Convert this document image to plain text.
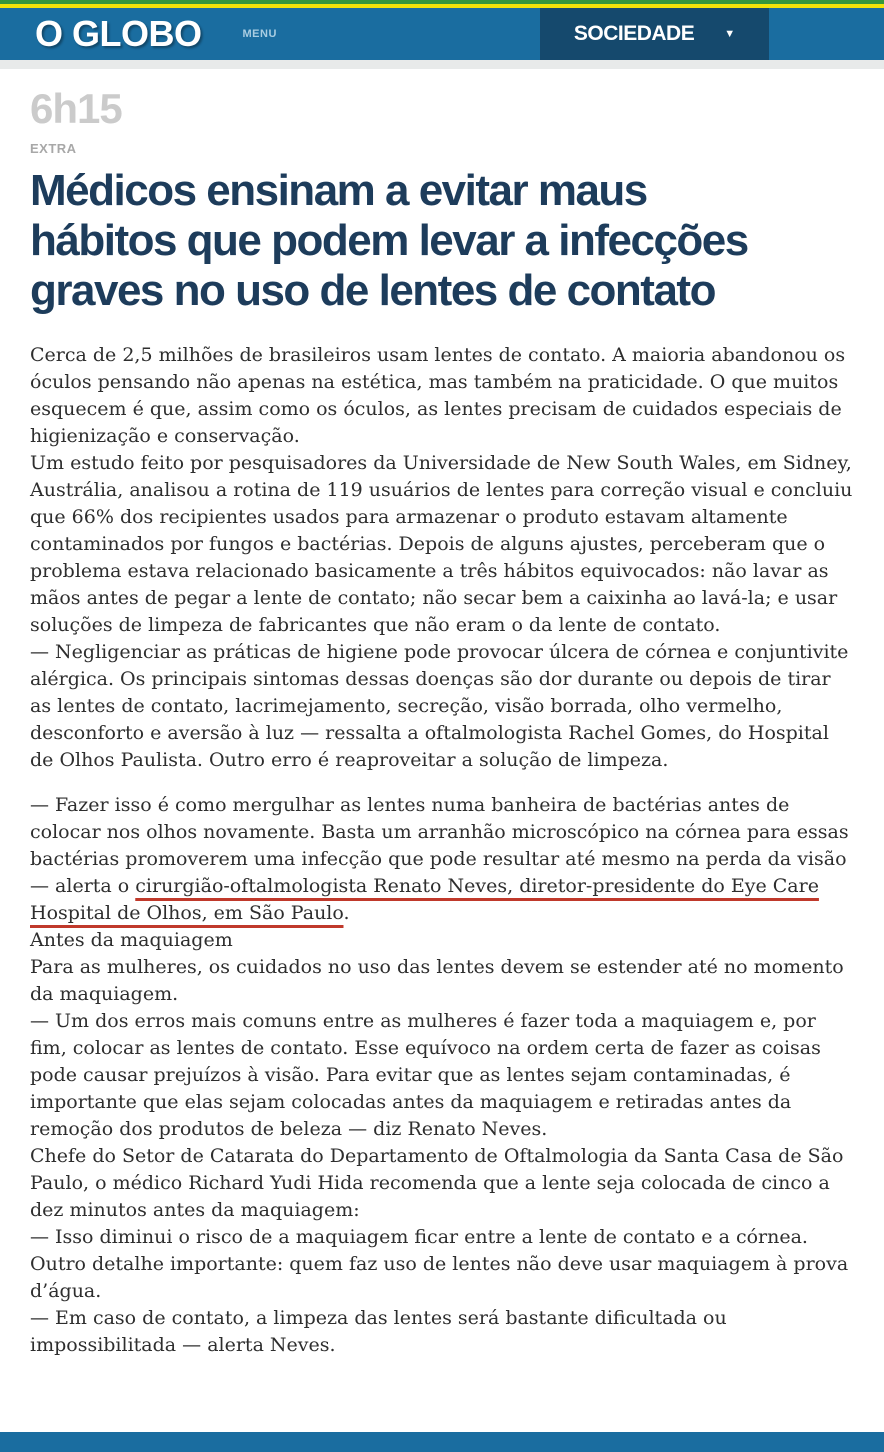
O GLOBO	MENU	SOCIEDADE	▼
6h15
EXTRA
Médicos ensinam a evitar maus hábitos que podem levar a infecções graves no uso de lentes de contato
Cerca de 2,5 milhões de brasileiros usam lentes de contato. A maioria abandonou os óculos pensando não apenas na estética, mas também na praticidade. O que muitos esquecem é que, assim como os óculos, as lentes precisam de cuidados especiais de higienização e conservação.
Um estudo feito por pesquisadores da Universidade de New South Wales, em Sidney, Austrália, analisou a rotina de 119 usuários de lentes para correção visual e concluiu que 66% dos recipientes usados para armazenar o produto estavam altamente contaminados por fungos e bactérias. Depois de alguns ajustes, perceberam que o problema estava relacionado basicamente a três hábitos equivocados: não lavar as mãos antes de pegar a lente de contato; não secar bem a caixinha ao lavá-la; e usar soluções de limpeza de fabricantes que não eram o da lente de contato.
— Negligenciar as práticas de higiene pode provocar úlcera de córnea e conjuntivite alérgica. Os principais sintomas dessas doenças são dor durante ou depois de tirar as lentes de contato, lacrimejamento, secreção, visão borrada, olho vermelho, desconforto e aversão à luz — ressalta a oftalmologista Rachel Gomes, do Hospital de Olhos Paulista. Outro erro é reaproveitar a solução de limpeza.
— Fazer isso é como mergulhar as lentes numa banheira de bactérias antes de colocar nos olhos novamente. Basta um arranhão microscópico na córnea para essas bactérias promoverem uma infecção que pode resultar até mesmo na perda da visão — alerta o cirurgião-oftalmologista Renato Neves, diretor-presidente do Eye Care Hospital de Olhos, em São Paulo.
Antes da maquiagem
Para as mulheres, os cuidados no uso das lentes devem se estender até no momento da maquiagem.
— Um dos erros mais comuns entre as mulheres é fazer toda a maquiagem e, por fim, colocar as lentes de contato. Esse equívoco na ordem certa de fazer as coisas pode causar prejuízos à visão. Para evitar que as lentes sejam contaminadas, é importante que elas sejam colocadas antes da maquiagem e retiradas antes da remoção dos produtos de beleza — diz Renato Neves.
Chefe do Setor de Catarata do Departamento de Oftalmologia da Santa Casa de São Paulo, o médico Richard Yudi Hida recomenda que a lente seja colocada de cinco a dez minutos antes da maquiagem:
— Isso diminui o risco de a maquiagem ficar entre a lente de contato e a córnea.
Outro detalhe importante: quem faz uso de lentes não deve usar maquiagem à prova d’água.
— Em caso de contato, a limpeza das lentes será bastante dificultada ou impossibilitada — alerta Neves.
